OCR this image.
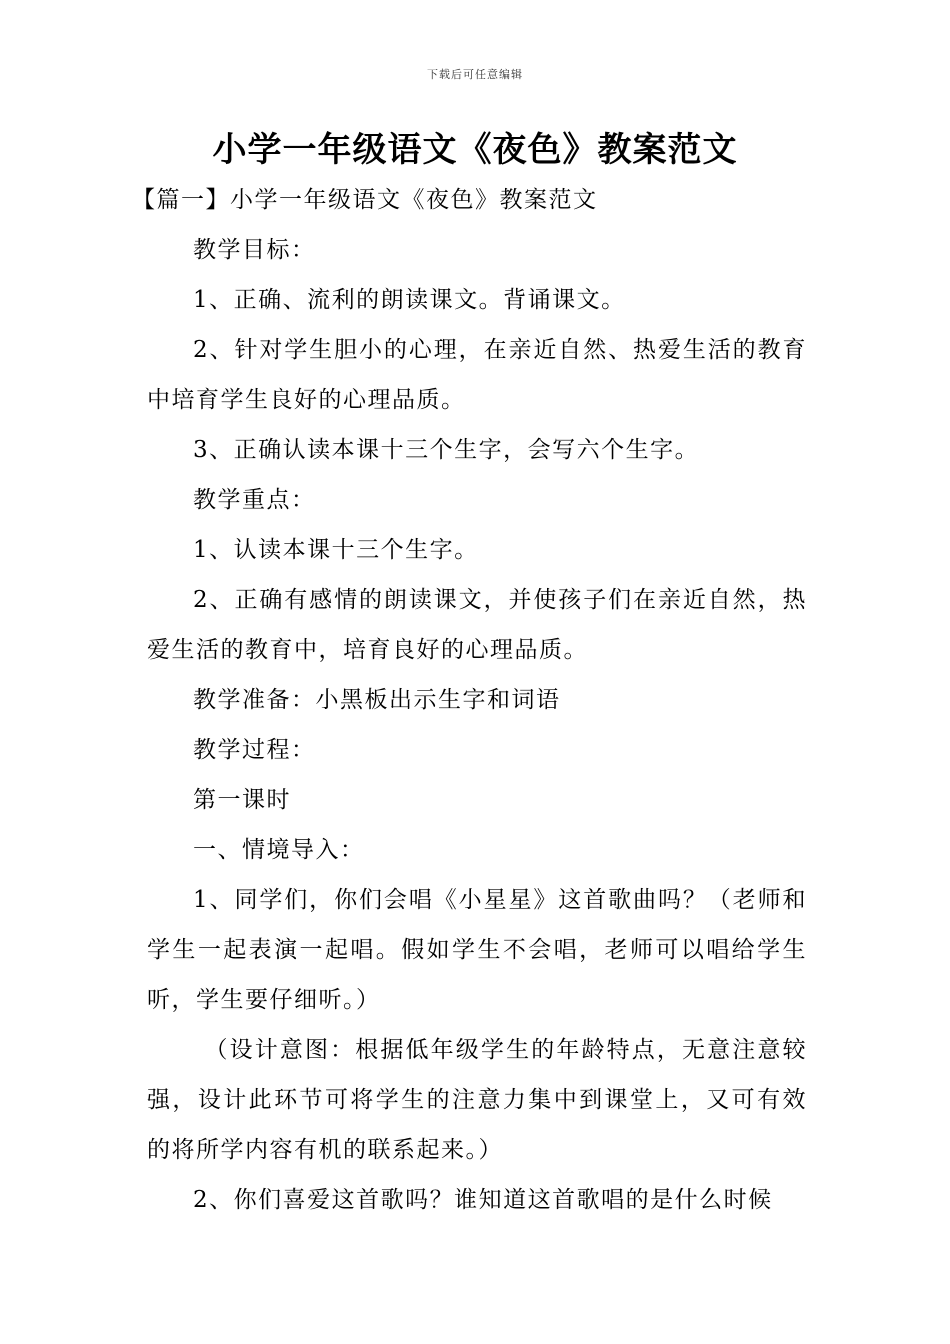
下载后可任意编辑
小学一年级语文《夜色》教案范文

【篇一】小学一年级语文《夜色》教案范文

教学目标：

1、正确、流利的朗读课文。背诵课文。

2、针对学生胆小的心理，在亲近自然、热爱生活的教育中培育学生良好的心理品质。

3、正确认读本课十三个生字，会写六个生字。

教学重点：

1、认读本课十三个生字。

2、正确有感情的朗读课文，并使孩子们在亲近自然，热爱生活的教育中，培育良好的心理品质。

教学准备：小黑板出示生字和词语

教学过程：

第一课时

一、情境导入：

1、同学们，你们会唱《小星星》这首歌曲吗？（老师和学生一起表演一起唱。假如学生不会唱，老师可以唱给学生听，学生要仔细听。）

（设计意图：根据低年级学生的年龄特点，无意注意较强，设计此环节可将学生的注意力集中到课堂上，又可有效的将所学内容有机的联系起来。）

2、你们喜爱这首歌吗？谁知道这首歌唱的是什么时候
